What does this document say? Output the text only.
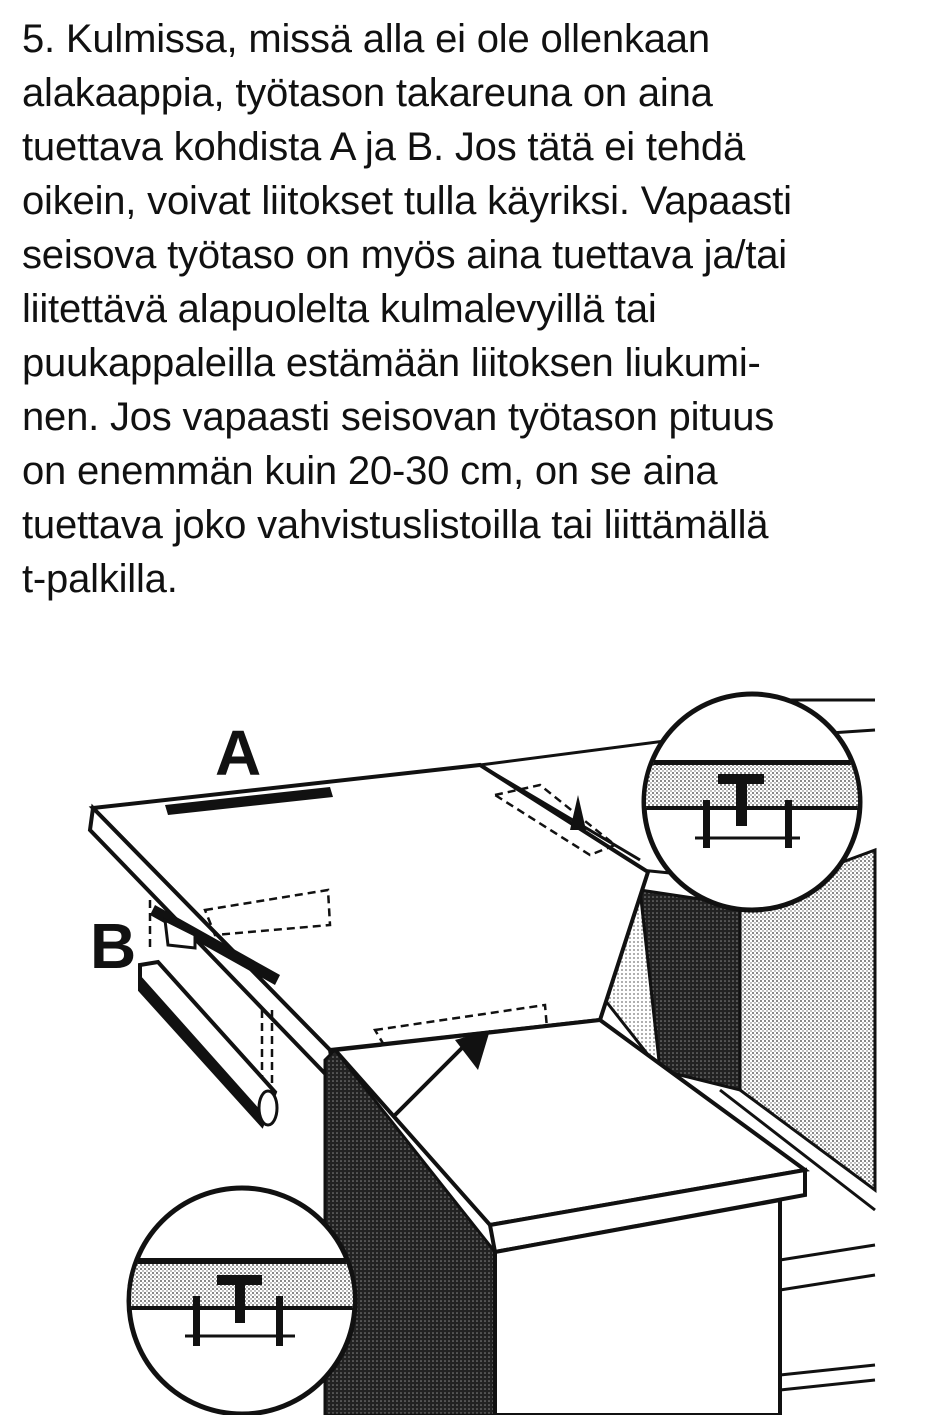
5. Kulmissa, missä alla ei ole ollenkaan
alakaappia, työtason takareuna on aina
tuettava kohdista A ja B. Jos tätä ei tehdä
oikein, voivat liitokset tulla käyriksi. Vapaasti
seisova työtaso on myös aina tuettava ja/tai
liitettävä alapuolelta kulmalevyillä tai
puukappaleilla estämään liitoksen liukumi-
nen. Jos vapaasti seisovan työtason pituus
on enemmän kuin 20-30 cm, on se aina
tuettava joko vahvistuslistoilla tai liittämällä
t-palkilla.

A
B
